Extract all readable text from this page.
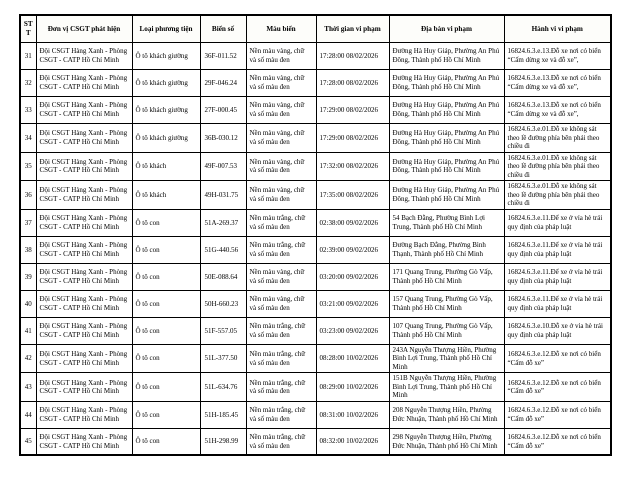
STT	Đơn vị CSGT phát hiện	Loại phương tiện	Biển số	Màu biển	Thời gian vi phạm	Địa bàn vi phạm	Hành vi vi phạm
31	Đội CSGT Hàng Xanh - Phòng CSGT - CATP Hồ Chí Minh	Ô tô khách giường	36F-011.52	Nền màu vàng, chữ và số màu đen	17:28:00 08/02/2026	Đường Hà Huy Giáp, Phường An Phú Đông, Thành phố Hồ Chí Minh	16824.6.3.e.13.Đỗ xe nơi có biển “Cấm dừng xe và đỗ xe”,
32	Đội CSGT Hàng Xanh - Phòng CSGT - CATP Hồ Chí Minh	Ô tô khách giường	29F-046.24	Nền màu vàng, chữ và số màu đen	17:28:00 08/02/2026	Đường Hà Huy Giáp, Phường An Phú Đông, Thành phố Hồ Chí Minh	16824.6.3.e.13.Đỗ xe nơi có biển “Cấm dừng xe và đỗ xe”,
33	Đội CSGT Hàng Xanh - Phòng CSGT - CATP Hồ Chí Minh	Ô tô khách giường	27F-000.45	Nền màu vàng, chữ và số màu đen	17:29:00 08/02/2026	Đường Hà Huy Giáp, Phường An Phú Đông, Thành phố Hồ Chí Minh	16824.6.3.e.13.Đỗ xe nơi có biển “Cấm dừng xe và đỗ xe”,
34	Đội CSGT Hàng Xanh - Phòng CSGT - CATP Hồ Chí Minh	Ô tô khách giường	36B-030.12	Nền màu vàng, chữ và số màu đen	17:29:00 08/02/2026	Đường Hà Huy Giáp, Phường An Phú Đông, Thành phố Hồ Chí Minh	16824.6.3.e.01.Đỗ xe không sát theo lề đường phía bên phải theo chiều đi
35	Đội CSGT Hàng Xanh - Phòng CSGT - CATP Hồ Chí Minh	Ô tô khách	49F-007.53	Nền màu vàng, chữ và số màu đen	17:32:00 08/02/2026	Đường Hà Huy Giáp, Phường An Phú Đông, Thành phố Hồ Chí Minh	16824.6.3.e.01.Đỗ xe không sát theo lề đường phía bên phải theo chiều đi
36	Đội CSGT Hàng Xanh - Phòng CSGT - CATP Hồ Chí Minh	Ô tô khách	49H-031.75	Nền màu vàng, chữ và số màu đen	17:35:00 08/02/2026	Đường Hà Huy Giáp, Phường An Phú Đông, Thành phố Hồ Chí Minh	16824.6.3.e.01.Đỗ xe không sát theo lề đường phía bên phải theo chiều đi
37	Đội CSGT Hàng Xanh - Phòng CSGT - CATP Hồ Chí Minh	Ô tô con	51A-269.37	Nền màu trắng, chữ và số màu đen	02:38:00 09/02/2026	54 Bạch Đằng, Phường Bình Lợi Trung, Thành phố Hồ Chí Minh	16824.6.3.e.11.Để xe ở vỉa hè trái quy định của pháp luật
38	Đội CSGT Hàng Xanh - Phòng CSGT - CATP Hồ Chí Minh	Ô tô con	51G-440.56	Nền màu trắng, chữ và số màu đen	02:39:00 09/02/2026	Đường Bạch Đằng, Phường Bình Thạnh, Thành phố Hồ Chí Minh	16824.6.3.e.11.Để xe ở vỉa hè trái quy định của pháp luật
39	Đội CSGT Hàng Xanh - Phòng CSGT - CATP Hồ Chí Minh	Ô tô con	50E-088.64	Nền màu vàng, chữ và số màu đen	03:20:00 09/02/2026	171 Quang Trung, Phường Gò Vấp, Thành phố Hồ Chí Minh	16824.6.3.e.11.Để xe ở vỉa hè trái quy định của pháp luật
40	Đội CSGT Hàng Xanh - Phòng CSGT - CATP Hồ Chí Minh	Ô tô con	50H-660.23	Nền màu vàng, chữ và số màu đen	03:21:00 09/02/2026	157 Quang Trung, Phường Gò Vấp, Thành phố Hồ Chí Minh	16824.6.3.e.11.Để xe ở vỉa hè trái quy định của pháp luật
41	Đội CSGT Hàng Xanh - Phòng CSGT - CATP Hồ Chí Minh	Ô tô con	51F-557.05	Nền màu trắng, chữ và số màu đen	03:23:00 09/02/2026	107 Quang Trung, Phường Gò Vấp, Thành phố Hồ Chí Minh	16824.6.3.e.10.Đỗ xe ở vỉa hè trái quy định của pháp luật
42	Đội CSGT Hàng Xanh - Phòng CSGT - CATP Hồ Chí Minh	Ô tô con	51L-377.50	Nền màu trắng, chữ và số màu đen	08:28:00 10/02/2026	243A Nguyễn Thượng Hiền, Phường Bình Lợi Trung, Thành phố Hồ Chí Minh	16824.6.3.e.12.Đỗ xe nơi có biển “Cấm đỗ xe”
43	Đội CSGT Hàng Xanh - Phòng CSGT - CATP Hồ Chí Minh	Ô tô con	51L-634.76	Nền màu trắng, chữ và số màu đen	08:29:00 10/02/2026	151B Nguyễn Thượng Hiền, Phường Bình Lợi Trung, Thành phố Hồ Chí Minh	16824.6.3.e.12.Đỗ xe nơi có biển “Cấm đỗ xe”
44	Đội CSGT Hàng Xanh - Phòng CSGT - CATP Hồ Chí Minh	Ô tô con	51H-185.45	Nền màu trắng, chữ và số màu đen	08:31:00 10/02/2026	208 Nguyễn Thượng Hiền, Phường Đức Nhuận, Thành phố Hồ Chí Minh	16824.6.3.e.12.Đỗ xe nơi có biển “Cấm đỗ xe”
45	Đội CSGT Hàng Xanh - Phòng CSGT - CATP Hồ Chí Minh	Ô tô con	51H-298.99	Nền màu trắng, chữ và số màu đen	08:32:00 10/02/2026	298 Nguyễn Thượng Hiền, Phường Đức Nhuận, Thành phố Hồ Chí Minh	16824.6.3.e.12.Đỗ xe nơi có biển “Cấm đỗ xe”
